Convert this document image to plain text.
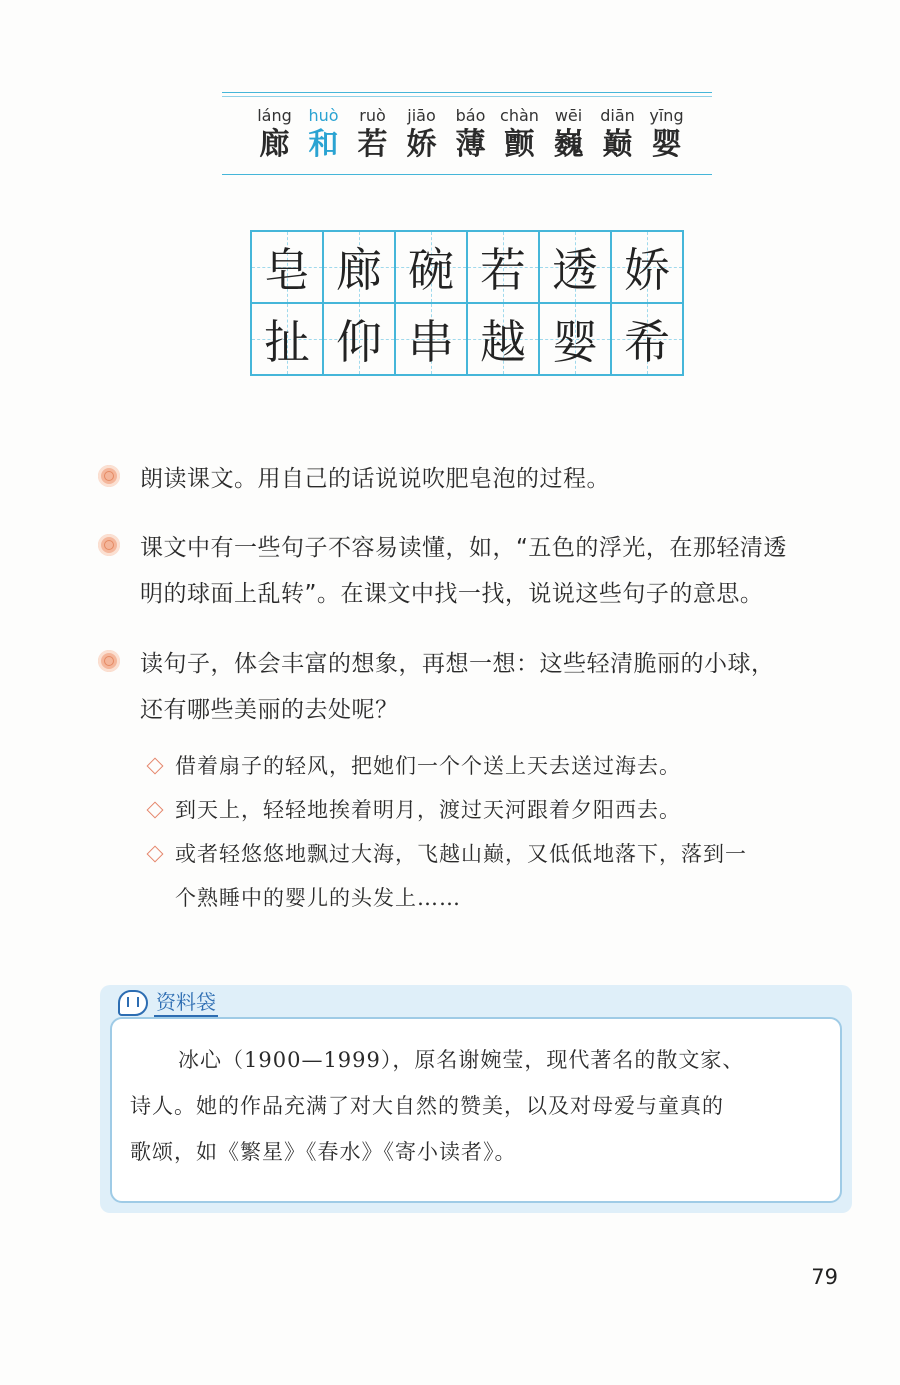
láng
廊
huò
和
ruò
若
jiāo
娇
báo
薄
chàn
颤
wēi
巍
diān
巅
yīng
婴
皂 廊 碗 若 透 娇
扯 仰 串 越 婴 希
朗读课文。用自己的话说说吹肥皂泡的过程。
课文中有一些句子不容易读懂，如，“五色的浮光，在那轻清透
明的球面上乱转”。在课文中找一找，说说这些句子的意思。
读句子，体会丰富的想象，再想一想：这些轻清脆丽的小球，
还有哪些美丽的去处呢？
借着扇子的轻风，把她们一个个送上天去送过海去。
到天上，轻轻地挨着明月，渡过天河跟着夕阳西去。
或者轻悠悠地飘过大海，飞越山巅，又低低地落下，落到一
个熟睡中的婴儿的头发上……
资料袋
冰心（1900—1999），原名谢婉莹，现代著名的散文家、
诗人。她的作品充满了对大自然的赞美，以及对母爱与童真的
歌颂，如《繁星》《春水》《寄小读者》。
79
